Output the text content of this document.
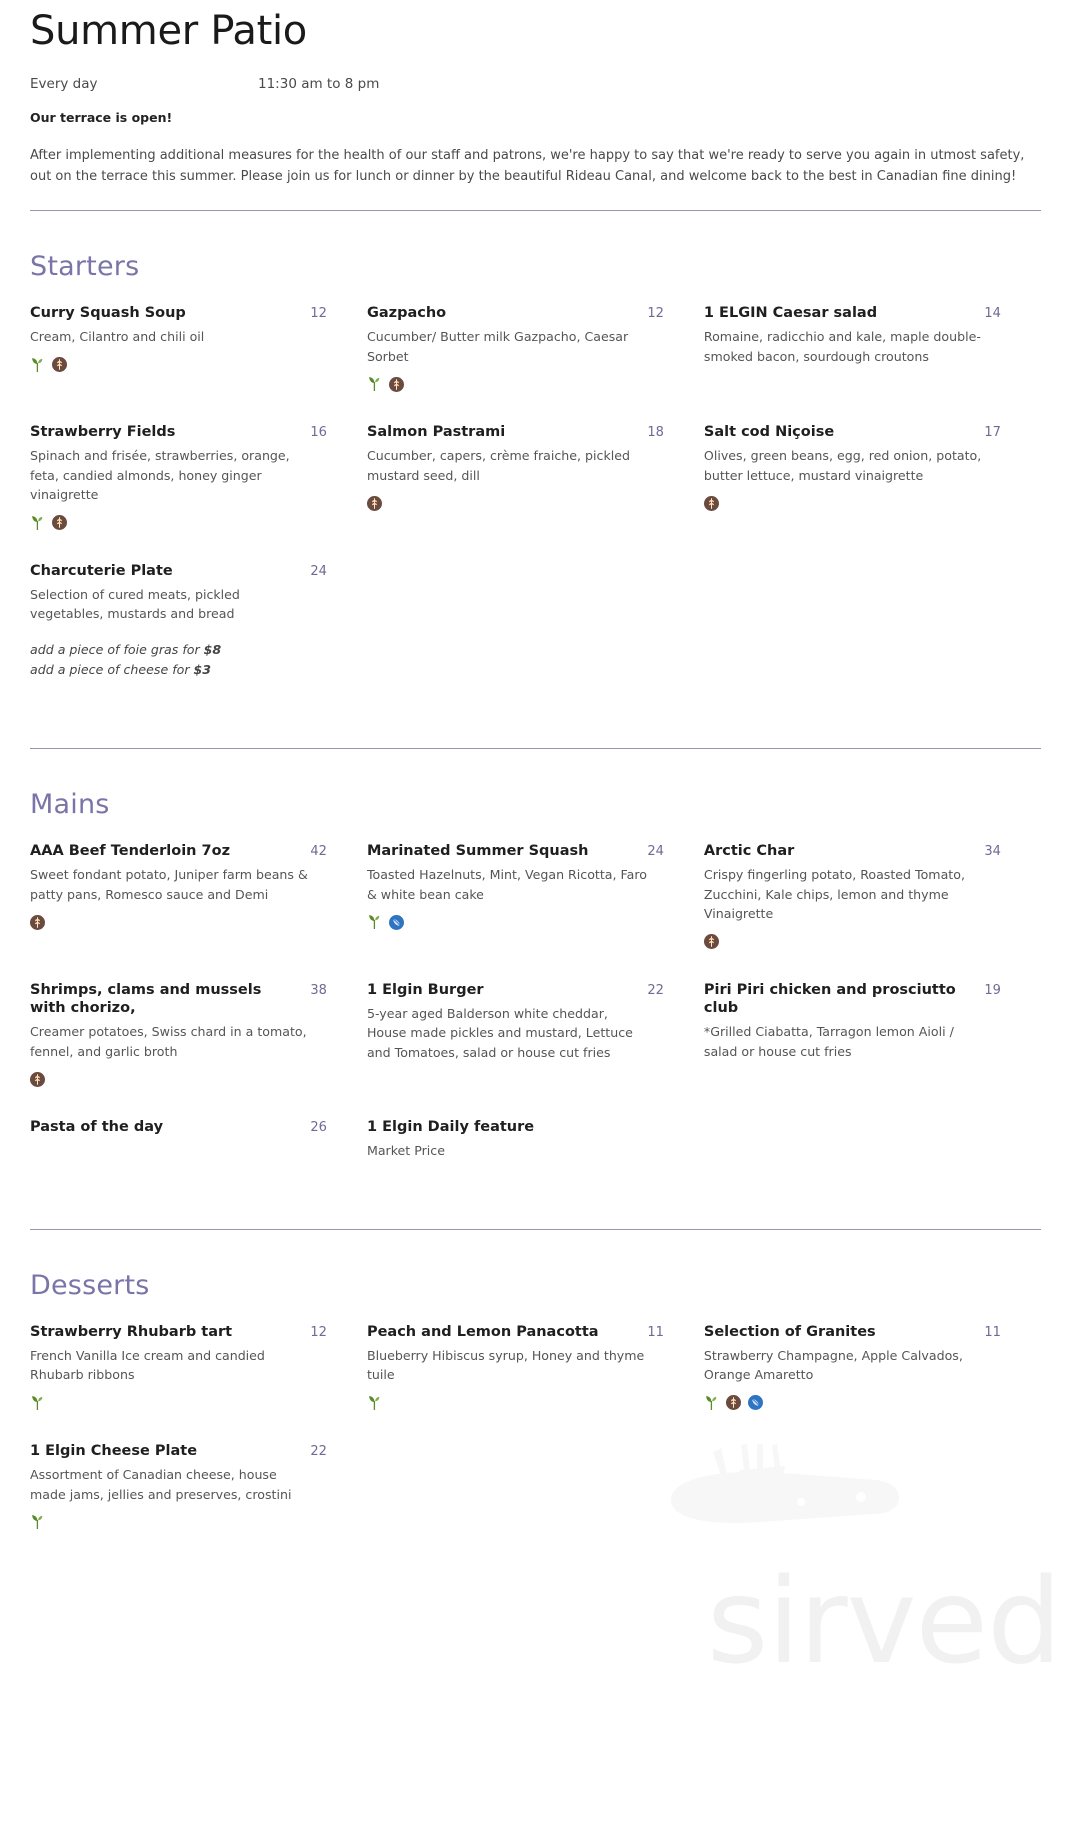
sirved
Summer Patio
Every day	11:30 am to 8 pm
Our terrace is open!
After implementing additional measures for the health of our staff and patrons, we're happy to say that we're ready to serve you again in utmost safety, out on the terrace this summer. Please join us for lunch or dinner by the beautiful Rideau Canal, and welcome back to the best in Canadian fine dining!
Starters
Curry Squash Soup	12
Cream, Cilantro and chili oil
Gazpacho	12
Cucumber/ Butter milk Gazpacho, Caesar Sorbet
1 ELGIN Caesar salad	14
Romaine, radicchio and kale, maple double-smoked bacon, sourdough croutons
Strawberry Fields	16
Spinach and frisée, strawberries, orange, feta, candied almonds, honey ginger vinaigrette
Salmon Pastrami	18
Cucumber, capers, crème fraiche, pickled mustard seed, dill
Salt cod Niçoise	17
Olives, green beans, egg, red onion, potato, butter lettuce, mustard vinaigrette
Charcuterie Plate	24
Selection of cured meats, pickled vegetables, mustards and bread
add a piece of foie gras for $8
add a piece of cheese for $3
Mains
AAA Beef Tenderloin 7oz	42
Sweet fondant potato, Juniper farm beans & patty pans, Romesco sauce and Demi
Marinated Summer Squash	24
Toasted Hazelnuts, Mint, Vegan Ricotta, Faro & white bean cake
Arctic Char	34
Crispy fingerling potato, Roasted Tomato, Zucchini, Kale chips, lemon and thyme Vinaigrette
Shrimps, clams and mussels with chorizo,
38
Creamer potatoes, Swiss chard in a tomato, fennel, and garlic broth
1 Elgin Burger	22
5-year aged Balderson white cheddar, House made pickles and mustard, Lettuce and Tomatoes, salad or house cut fries
Piri Piri chicken and prosciutto club
19
*Grilled Ciabatta, Tarragon lemon Aioli / salad or house cut fries
Pasta of the day	26	1 Elgin Daily feature
Market Price
Desserts
Strawberry Rhubarb tart	12
French Vanilla Ice cream and candied Rhubarb ribbons
Peach and Lemon Panacotta	11
Blueberry Hibiscus syrup, Honey and thyme tuile
Selection of Granites	11
Strawberry Champagne, Apple Calvados, Orange Amaretto
1 Elgin Cheese Plate	22
Assortment of Canadian cheese, house made jams, jellies and preserves, crostini
